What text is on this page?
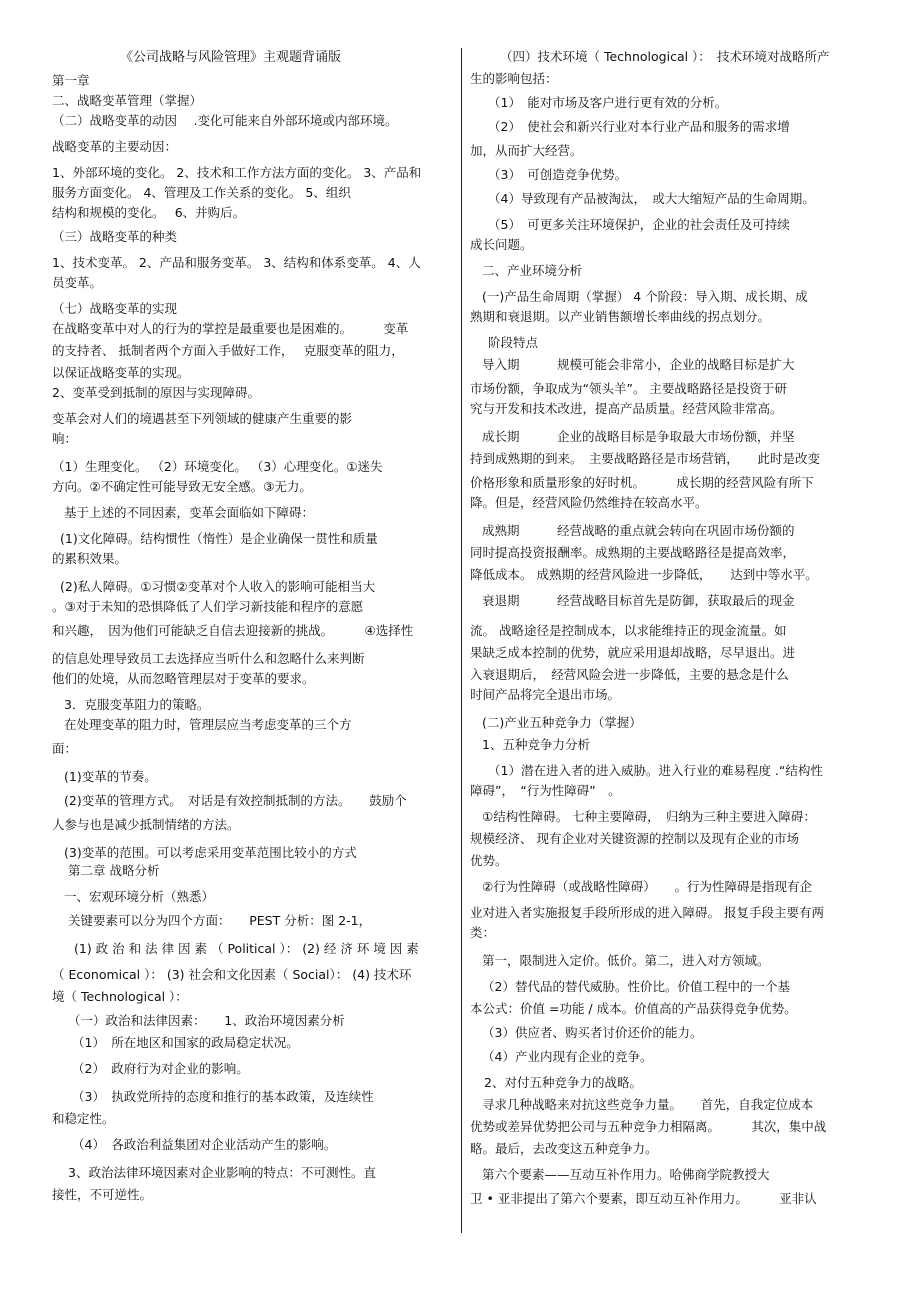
《公司战略与风险管理》主观题背诵版
第一章
二、战略变革管理（掌握）
（二）战略变革的动因　 .变化可能来自外部环境或内部环境。
战略变革的主要动因：
1、外部环境的变化。 2、技术和工作方法方面的变化。 3、产品和
服务方面变化。 4、管理及工作关系的变化。 5、组织
结构和规模的变化。　 6、并购后。
（三）战略变革的种类
1、技术变革。 2、产品和服务变革。 3、结构和体系变革。 4、人
员变革。
（七）战略变革的实现
在战略变革中对人的行为的掌控是最重要也是困难的。　　　变革
的支持者、 抵制者两个方面入手做好工作，　 克服变革的阻力，
以保证战略变革的实现。
2、变革受到抵制的原因与实现障碍。
变革会对人们的境遇甚至下列领域的健康产生重要的影
响：
（1）生理变化。 （2）环境变化。 （3）心理变化。①迷失
方向。②不确定性可能导致无安全感。③无力。
基于上述的不同因素，变革会面临如下障碍：
(1)文化障碍。结构惯性（惰性）是企业确保一贯性和质量
的累积效果。
(2)私人障碍。①习惯②变革对个人收入的影响可能相当大
。③对于未知的恐惧降低了人们学习新技能和程序的意愿
和兴趣，　因为他们可能缺乏自信去迎接新的挑战。　　　④选择性
的信息处理导致员工去选择应当听什么和忽略什么来判断
他们的处境，从而忽略管理层对于变革的要求。
3．克服变革阻力的策略。
在处理变革的阻力时，管理层应当考虑变革的三个方
面：
(1)变革的节奏。
(2)变革的管理方式。　对话是有效控制抵制的方法。　　鼓励个
人参与也是减少抵制情绪的方法。
(3)变革的范围。可以考虑采用变革范围比较小的方式
第二章 战略分析
一、宏观环境分析（熟悉）
关键要素可以分为四个方面：　　PEST 分析：图 2-1，
(1) 政 治 和 法 律 因 素 （ Political ）： (2) 经 济 环 境 因 素
（ Economical ）： (3) 社会和文化因素（ Social）： (4) 技术环
境（ Technological ）：
（一）政治和法律因素：　　1、政治环境因素分析
（1）　所在地区和国家的政局稳定状况。
（2）　政府行为对企业的影响。
（3）　执政党所持的态度和推行的基本政策，及连续性
和稳定性。
（4）　各政治利益集团对企业活动产生的影响。
3、政治法律环境因素对企业影响的特点：不可测性。直
接性，不可逆性。
（四）技术环境（ Technological ）：　技术环境对战略所产
生的影响包括：
（1）　能对市场及客户进行更有效的分析。
（2）　使社会和新兴行业对本行业产品和服务的需求增
加，从而扩大经营。
（3）　可创造竞争优势。
（4）导致现有产品被淘汰，　或大大缩短产品的生命周期。
（5）　可更多关注环境保护，企业的社会责任及可持续
成长问题。
二、产业环境分析
(一)产品生命周期（掌握） 4 个阶段：导入期、成长期、成
熟期和衰退期。以产业销售额增长率曲线的拐点划分。
阶段特点
导入期　　　规模可能会非常小，企业的战略目标是扩大
市场份额，争取成为“领头羊”。 主要战略路径是投资于研
究与开发和技术改进，提高产品质量。经营风险非常高。
成长期　　　企业的战略目标是争取最大市场份额，并坚
持到成熟期的到来。　主要战略路径是市场营销，　　此时是改变
价格形象和质量形象的好时机。　　　成长期的经营风险有所下
降。但是，经营风险仍然维持在较高水平。
成熟期　　　经营战略的重点就会转向在巩固市场份额的
同时提高投资报酬率。成熟期的主要战略路径是提高效率，
降低成本。 成熟期的经营风险进一步降低，　　达到中等水平。
衰退期　　　经营战略目标首先是防御，获取最后的现金
流。 战略途径是控制成本，以求能维持正的现金流量。如
果缺乏成本控制的优势，就应采用退却战略，尽早退出。进
入衰退期后，　经营风险会进一步降低，主要的悬念是什么
时间产品将完全退出市场。
(二)产业五种竞争力（掌握）
1、五种竞争力分析
（1）潜在进入者的进入威胁。进入行业的难易程度 .“结构性
障碍”，　“行为性障碍”　。
①结构性障碍。 七种主要障碍，　归纳为三种主要进入障碍：
规模经济、 现有企业对关键资源的控制以及现有企业的市场
优势。
②行为性障碍（或战略性障碍）　　。行为性障碍是指现有企
业对进入者实施报复手段所形成的进入障碍。 报复手段主要有两
类：
第一，限制进入定价。低价。第二，进入对方领域。
（2）替代品的替代威胁。性价比。价值工程中的一个基
本公式：价值 =功能 / 成本。价值高的产品获得竞争优势。
（3）供应者、购买者讨价还价的能力。
（4）产业内现有企业的竞争。
2、对付五种竞争力的战略。
寻求几种战略来对抗这些竞争力量。　　首先，自我定位成本
优势或差异优势把公司与五种竞争力相隔离。　　　其次，集中战
略。最后，去改变这五种竞争力。
第六个要素——互动互补作用力。哈佛商学院教授大
卫 • 亚非提出了第六个要素，即互动互补作用力。　　　亚非认
